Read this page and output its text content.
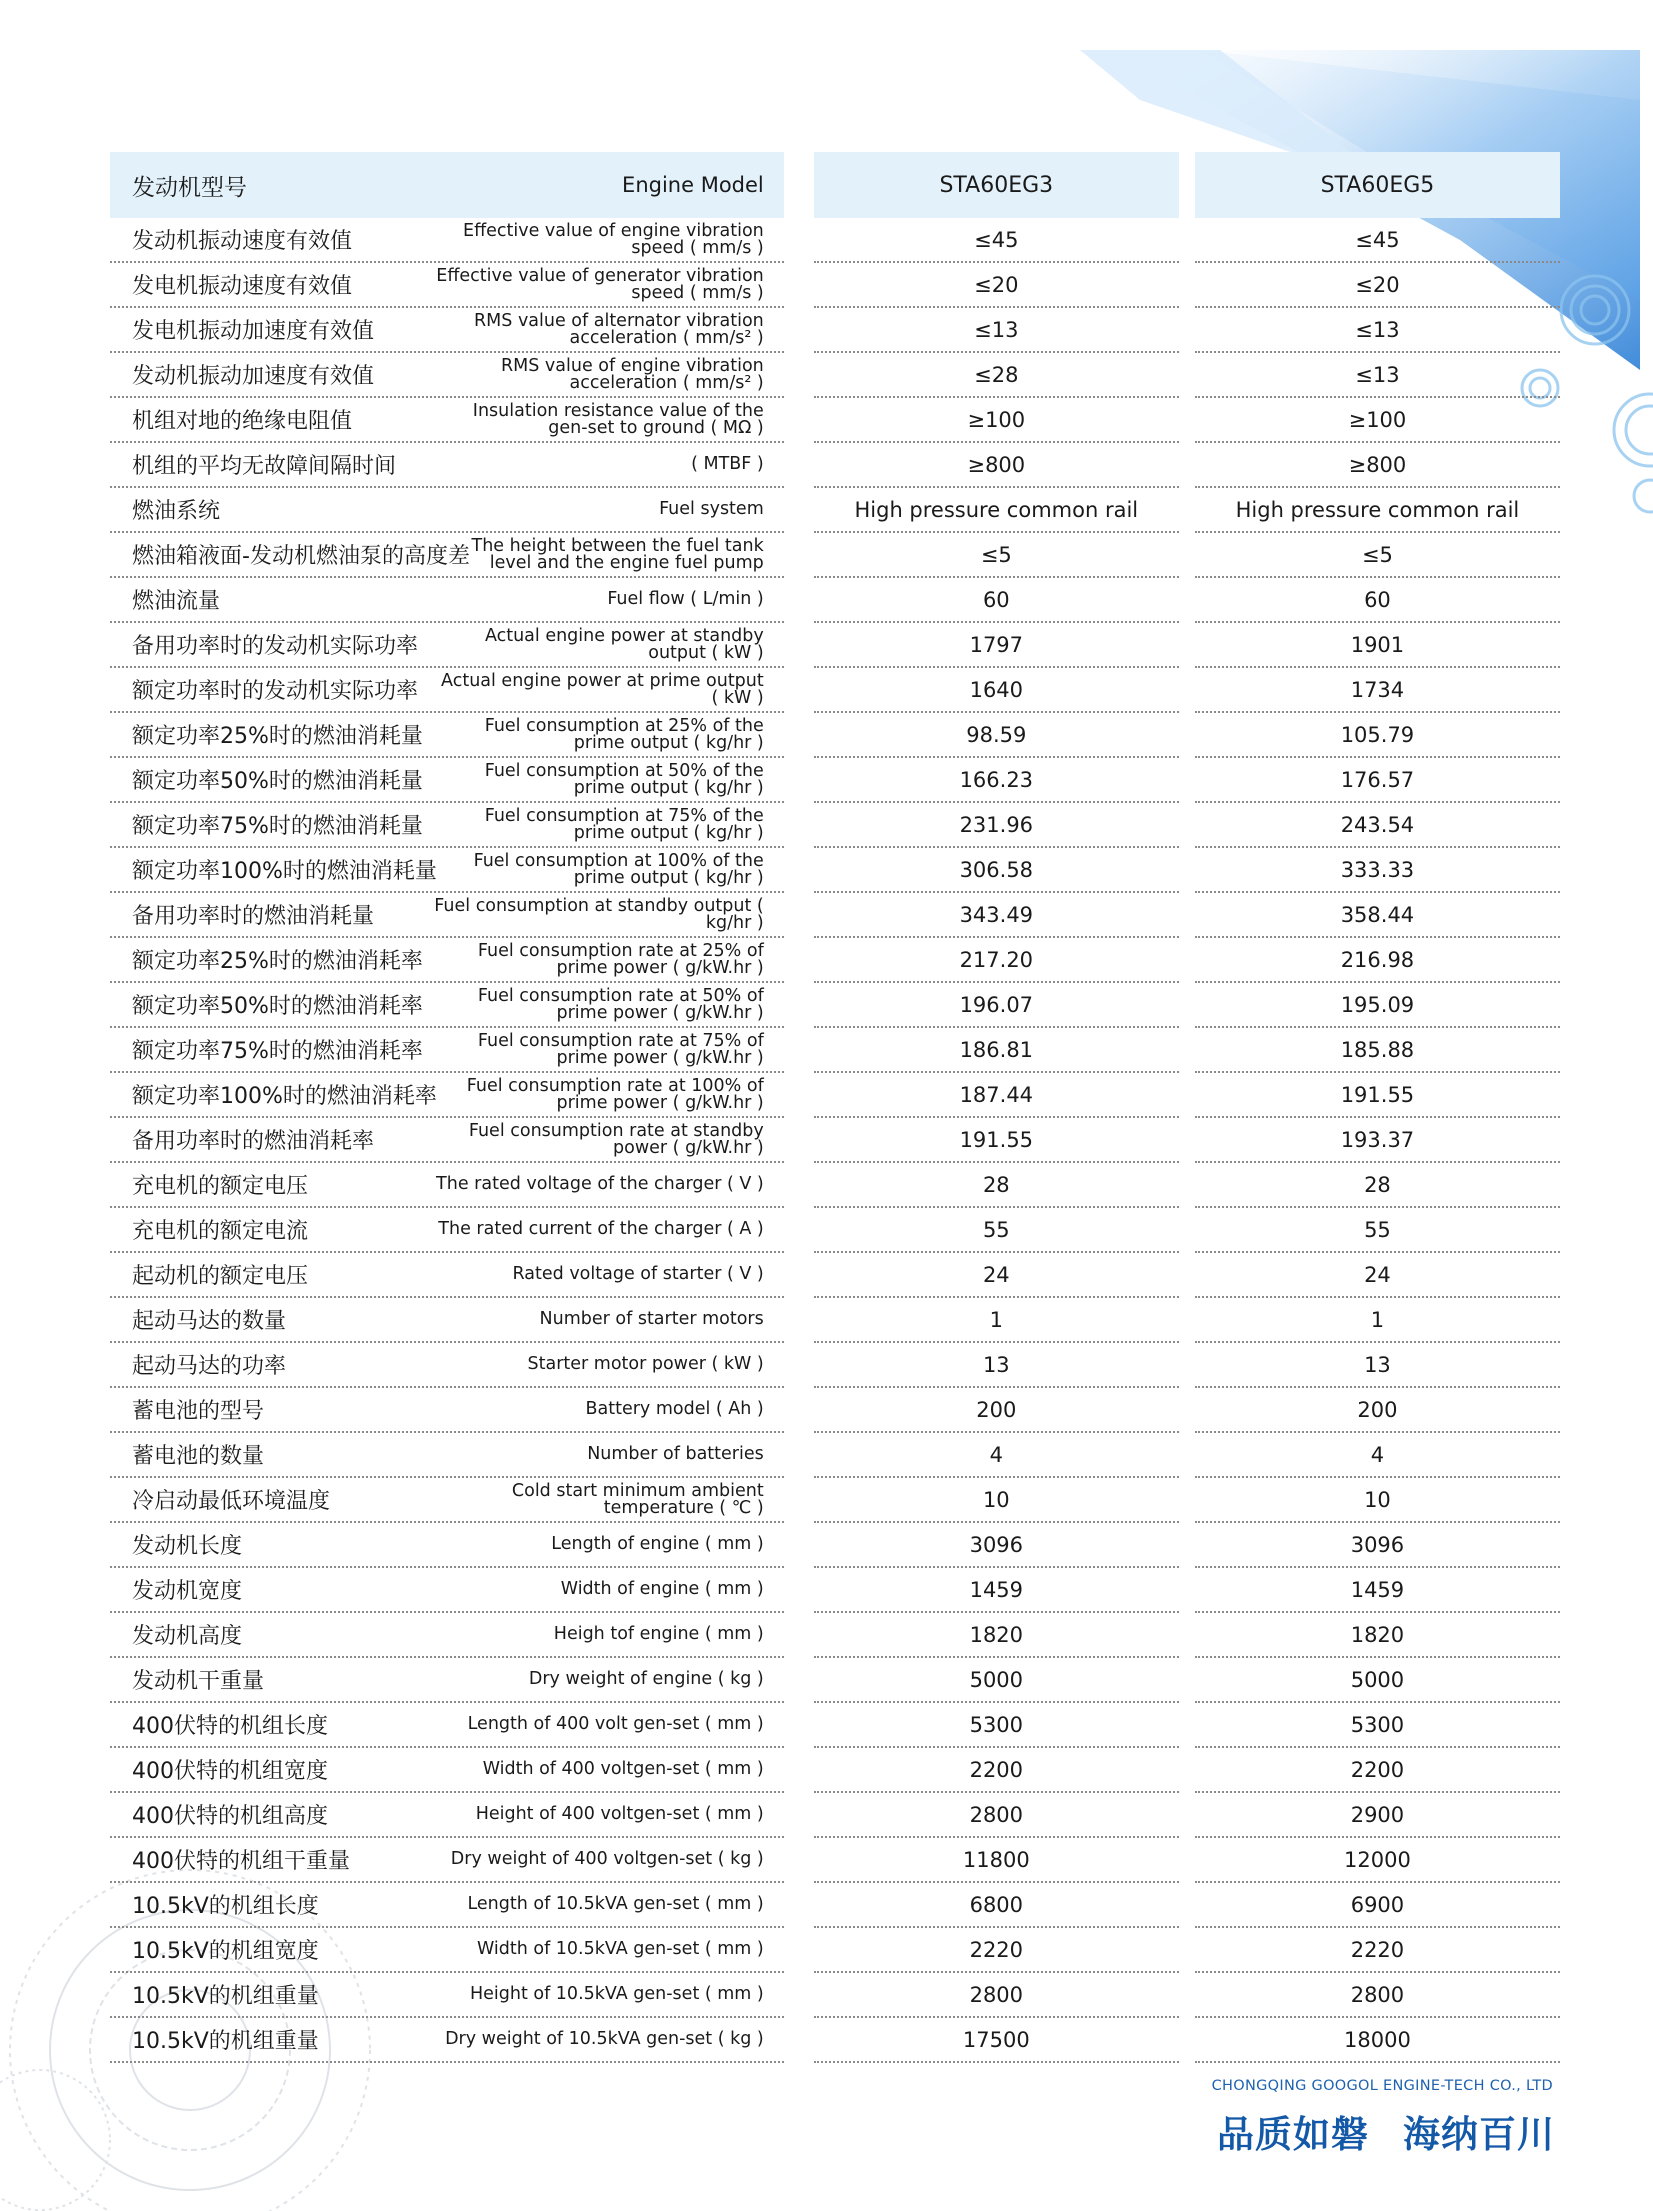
发动机型号	Engine Model	STA60EG3	STA60EG5
发动机振动速度有效值	Effective value of engine vibration speed ( mm/s )	≤45	≤45
发电机振动速度有效值	Effective value of generator vibration speed ( mm/s )	≤20	≤20
发电机振动加速度有效值	RMS value of alternator vibration acceleration ( mm/s² )	≤13	≤13
发动机振动加速度有效值	RMS value of engine vibration acceleration ( mm/s² )	≤28	≤13
机组对地的绝缘电阻值	Insulation resistance value of the gen-set to ground ( MΩ )	≥100	≥100
机组的平均无故障间隔时间	( MTBF )	≥800	≥800
燃油系统	Fuel system	High pressure common rail	High pressure common rail
燃油箱液面-发动机燃油泵的高度差 The height between the fuel tank level and the engine fuel pump	≤5	≤5
燃油流量	Fuel flow ( L/min )	60	60
备用功率时的发动机实际功率	Actual engine power at standby output ( kW )	1797	1901
额定功率时的发动机实际功率	Actual engine power at prime output ( kW )	1640	1734
额定功率25%时的燃油消耗量	Fuel consumption at 25% of the prime output ( kg/hr )	98.59	105.79
额定功率50%时的燃油消耗量	Fuel consumption at 50% of the prime output ( kg/hr )	166.23	176.57
额定功率75%时的燃油消耗量	Fuel consumption at 75% of the prime output ( kg/hr )	231.96	243.54
额定功率100%时的燃油消耗量	Fuel consumption at 100% of the prime output ( kg/hr )	306.58	333.33
备用功率时的燃油消耗量	Fuel consumption at standby output ( kg/hr )	343.49	358.44
额定功率25%时的燃油消耗率	Fuel consumption rate at 25% of prime power ( g/kW.hr )	217.20	216.98
额定功率50%时的燃油消耗率	Fuel consumption rate at 50% of prime power ( g/kW.hr )	196.07	195.09
额定功率75%时的燃油消耗率	Fuel consumption rate at 75% of prime power ( g/kW.hr )	186.81	185.88
额定功率100%时的燃油消耗率	Fuel consumption rate at 100% of prime power ( g/kW.hr )	187.44	191.55
备用功率时的燃油消耗率	Fuel consumption rate at standby power ( g/kW.hr )	191.55	193.37
充电机的额定电压	The rated voltage of the charger ( V )	28	28
充电机的额定电流	The rated current of the charger ( A )	55	55
起动机的额定电压	Rated voltage of starter ( V )	24	24
起动马达的数量	Number of starter motors	1	1
起动马达的功率	Starter motor power ( kW )	13	13
蓄电池的型号	Battery model ( Ah )	200	200
蓄电池的数量	Number of batteries	4	4
冷启动最低环境温度	Cold start minimum ambient temperature ( ℃ )	10	10
发动机长度	Length of engine ( mm )	3096	3096
发动机宽度	Width of engine ( mm )	1459	1459
发动机高度	Heigh tof engine ( mm )	1820	1820
发动机干重量	Dry weight of engine ( kg )	5000	5000
400伏特的机组长度	Length of 400 volt gen-set ( mm )	5300	5300
400伏特的机组宽度	Width of 400 voltgen-set ( mm )	2200	2200
400伏特的机组高度	Height of 400 voltgen-set ( mm )	2800	2900
400伏特的机组干重量	Dry weight of 400 voltgen-set ( kg )	11800	12000
10.5kV的机组长度	Length of 10.5kVA gen-set ( mm )	6800	6900
10.5kV的机组宽度	Width of 10.5kVA gen-set ( mm )	2220	2220
10.5kV的机组重量	Height of 10.5kVA gen-set ( mm )	2800	2800
10.5kV的机组重量	Dry weight of 10.5kVA gen-set ( kg )	17500	18000
CHONGQING GOOGOL ENGINE-TECH CO., LTD
品质如磐 海纳百川
